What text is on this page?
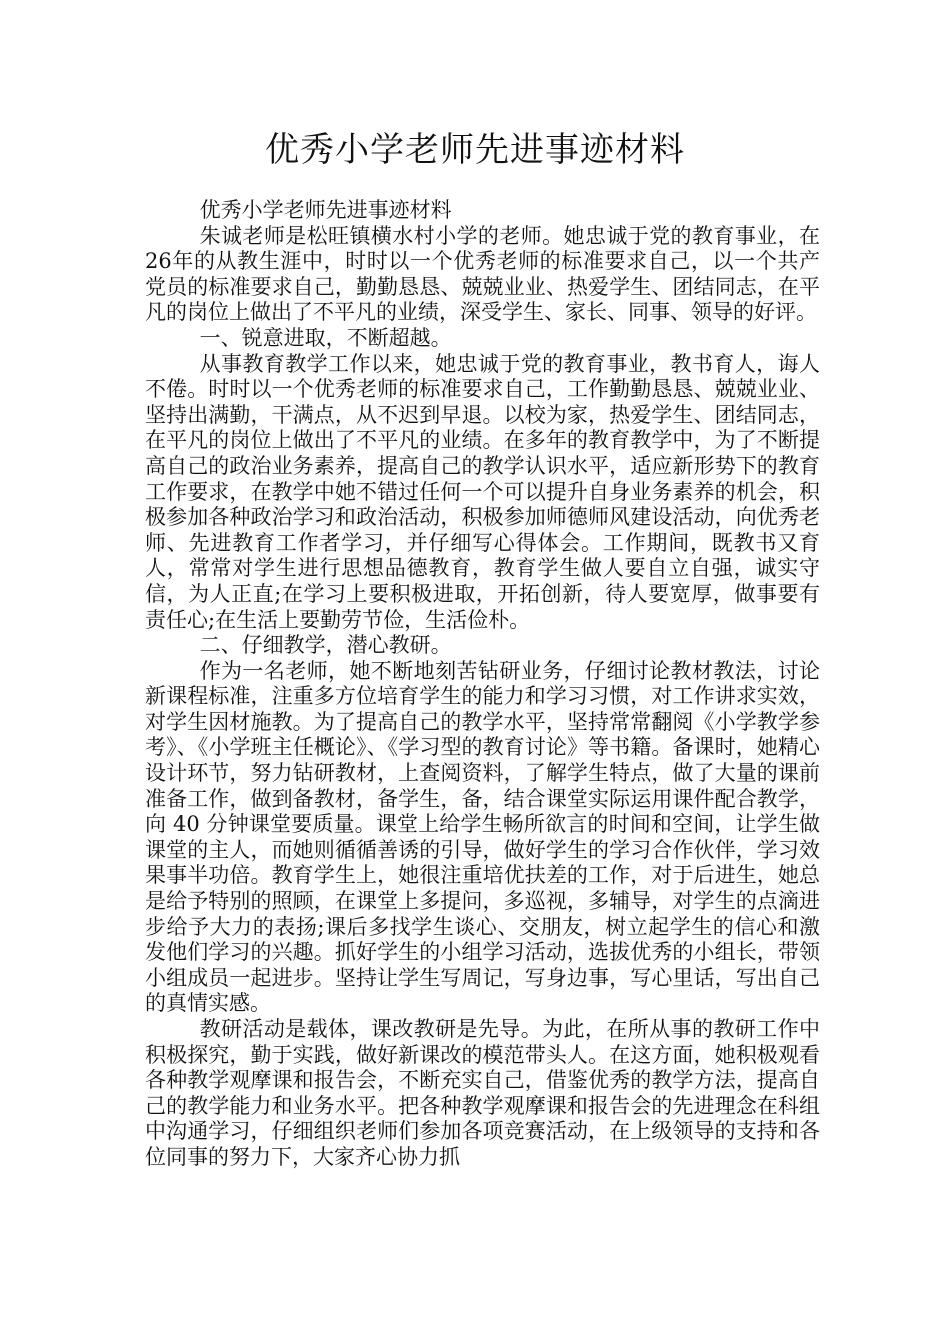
优秀小学老师先进事迹材料

优秀小学老师先进事迹材料

朱诚老师是松旺镇横水村小学的老师。她忠诚于党的教育事业，在26年的从教生涯中，时时以一个优秀老师的标准要求自己，以一个共产党员的标准要求自己，勤勤恳恳、兢兢业业、热爱学生、团结同志，在平凡的岗位上做出了不平凡的业绩，深受学生、家长、同事、领导的好评。

一、锐意进取，不断超越。

从事教育教学工作以来，她忠诚于党的教育事业，教书育人，诲人不倦。时时以一个优秀老师的标准要求自己，工作勤勤恳恳、兢兢业业、坚持出满勤，干满点，从不迟到早退。以校为家，热爱学生、团结同志，在平凡的岗位上做出了不平凡的业绩。在多年的教育教学中，为了不断提高自己的政治业务素养，提高自己的教学认识水平，适应新形势下的教育工作要求，在教学中她不错过任何一个可以提升自身业务素养的机会，积极参加各种政治学习和政治活动，积极参加师德师风建设活动，向优秀老师、先进教育工作者学习，并仔细写心得体会。工作期间，既教书又育人，常常对学生进行思想品德教育，教育学生做人要自立自强，诚实守信，为人正直;在学习上要积极进取，开拓创新，待人要宽厚，做事要有责任心;在生活上要勤劳节俭，生活俭朴。

二、仔细教学，潜心教研。

作为一名老师，她不断地刻苦钻研业务，仔细讨论教材教法，讨论新课程标准，注重多方位培育学生的能力和学习习惯，对工作讲求实效，对学生因材施教。为了提高自己的教学水平，坚持常常翻阅《小学教学参考》、《小学班主任概论》、《学习型的教育讨论》等书籍。备课时，她精心设计环节，努力钻研教材，上查阅资料，了解学生特点，做了大量的课前准备工作，做到备教材，备学生，备，结合课堂实际运用课件配合教学，向 40 分钟课堂要质量。课堂上给学生畅所欲言的时间和空间，让学生做课堂的主人，而她则循循善诱的引导，做好学生的学习合作伙伴，学习效果事半功倍。教育学生上，她很注重培优扶差的工作，对于后进生，她总是给予特别的照顾，在课堂上多提问，多巡视，多辅导，对学生的点滴进步给予大力的表扬;课后多找学生谈心、交朋友，树立起学生的信心和激发他们学习的兴趣。抓好学生的小组学习活动，选拔优秀的小组长，带领小组成员一起进步。坚持让学生写周记，写身边事，写心里话，写出自己的真情实感。

教研活动是载体，课改教研是先导。为此，在所从事的教研工作中积极探究，勤于实践，做好新课改的模范带头人。在这方面，她积极观看各种教学观摩课和报告会，不断充实自己，借鉴优秀的教学方法，提高自己的教学能力和业务水平。把各种教学观摩课和报告会的先进理念在科组中沟通学习，仔细组织老师们参加各项竞赛活动，在上级领导的支持和各位同事的努力下，大家齐心协力抓
